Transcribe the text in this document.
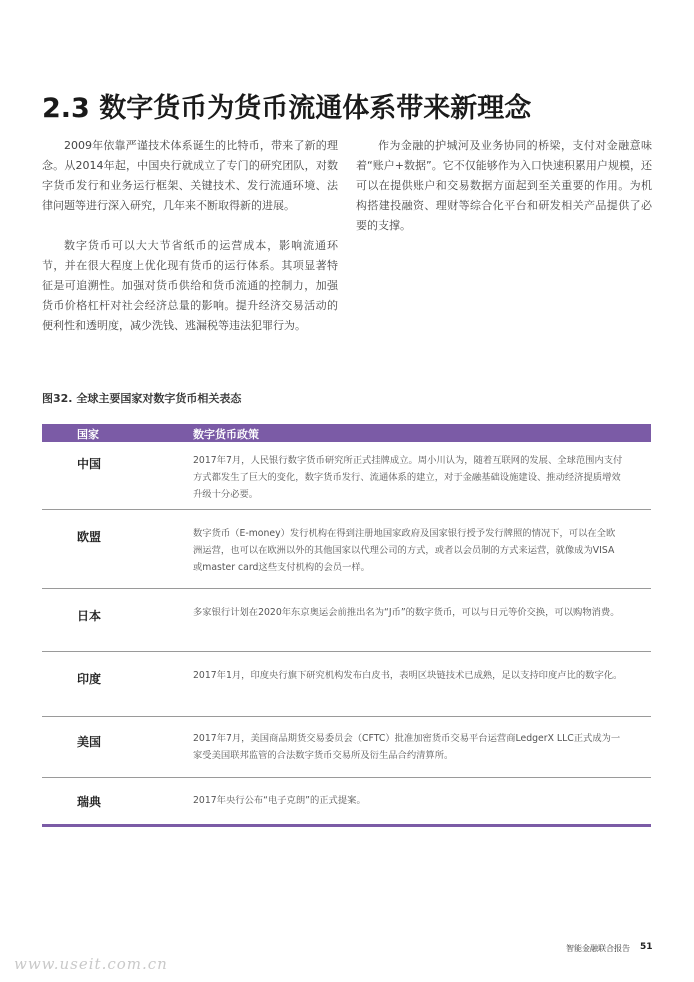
2.3 数字货币为货币流通体系带来新理念

2009年依靠严谨技术体系诞生的比特币，带来了新的理念。从2014年起，中国央行就成立了专门的研究团队，对数字货币发行和业务运行框架、关键技术、发行流通环境、法律问题等进行深入研究，几年来不断取得新的进展。

数字货币可以大大节省纸币的运营成本，影响流通环节，并在很大程度上优化现有货币的运行体系。其项显著特征是可追溯性。加强对货币供给和货币流通的控制力，加强货币价格杠杆对社会经济总量的影响。提升经济交易活动的便利性和透明度，减少洗钱、逃漏税等违法犯罪行为。

作为金融的护城河及业务协同的桥梁，支付对金融意味着“账户+数据”。它不仅能够作为入口快速积累用户规模，还可以在提供账户和交易数据方面起到至关重要的作用。为机构搭建投融资、理财等综合化平台和研发相关产品提供了必要的支撑。

图32. 全球主要国家对数字货币相关表态
国家	数字货币政策
中国	2017年7月，人民银行数字货币研究所正式挂牌成立。周小川认为，随着互联网的发展、全球范围内支付方式都发生了巨大的变化，数字货币发行、流通体系的建立，对于金融基础设施建设、推动经济提质增效升级十分必要。
欧盟	数字货币（E-money）发行机构在得到注册地国家政府及国家银行授予发行牌照的情况下，可以在全欧洲运营，也可以在欧洲以外的其他国家以代理公司的方式，或者以会员制的方式来运营，就像成为VISA或master card这些支付机构的会员一样。
日本	多家银行计划在2020年东京奥运会前推出名为“J币”的数字货币，可以与日元等价交换，可以购物消费。
印度	2017年1月，印度央行旗下研究机构发布白皮书，表明区块链技术已成熟，足以支持印度卢比的数字化。
美国	2017年7月，美国商品期货交易委员会（CFTC）批准加密货币交易平台运营商LedgerX LLC正式成为一家受美国联邦监管的合法数字货币交易所及衍生品合约清算所。
瑞典	2017年央行公布“电子克朗”的正式提案。
智能金融联合报告 51
www.useit.com.cn
